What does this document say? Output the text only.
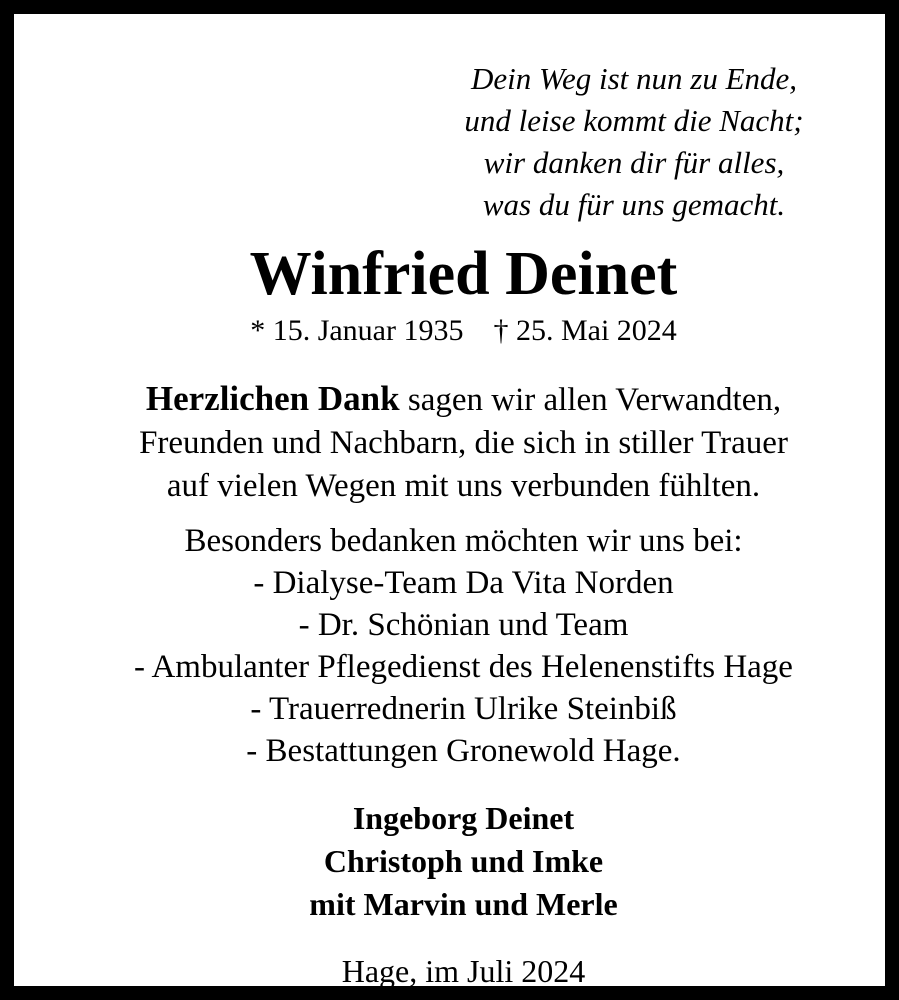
Dein Weg ist nun zu Ende,
und leise kommt die Nacht;
wir danken dir für alles,
was du für uns gemacht.
Winfried Deinet
* 15. Januar 1935 † 25. Mai 2024
Herzlichen Dank sagen wir allen Verwandten,
Freunden und Nachbarn, die sich in stiller Trauer
auf vielen Wegen mit uns verbunden fühlten.
Besonders bedanken möchten wir uns bei:
- Dialyse-Team Da Vita Norden
- Dr. Schönian und Team
- Ambulanter Pflegedienst des Helenenstifts Hage
- Trauerrednerin Ulrike Steinbiß
- Bestattungen Gronewold Hage.
Ingeborg Deinet
Christoph und Imke
mit Marvin und Merle
Hage, im Juli 2024
